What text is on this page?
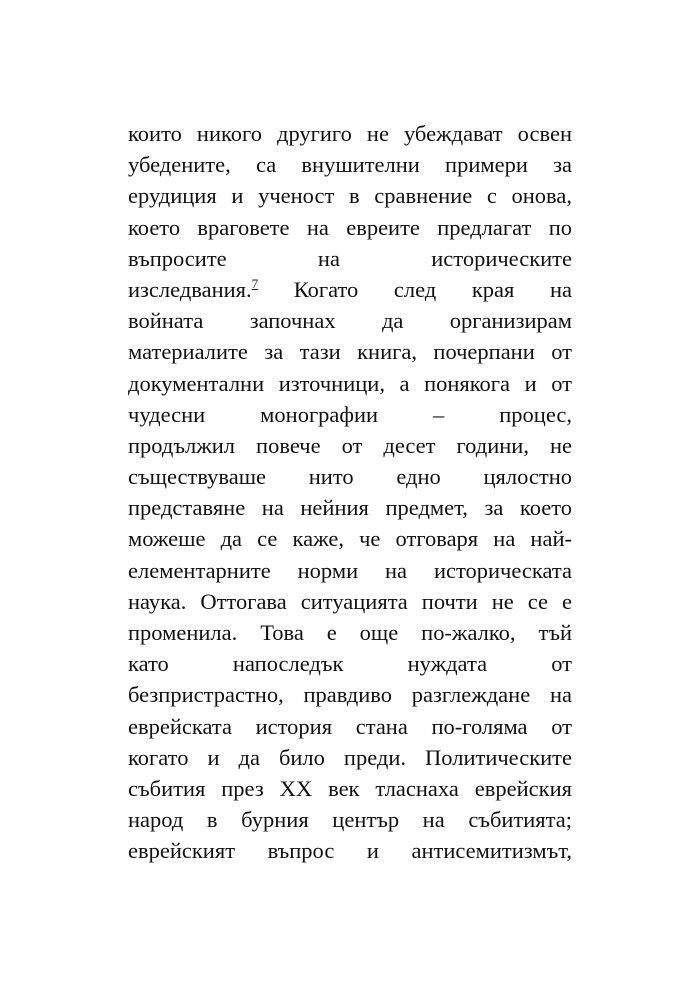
които никого другиго не убеждават освен
убедените, са внушителни примери за
ерудиция и ученост в сравнение с онова,
което враговете на евреите предлагат по
въпросите на историческите
изследвания.$^7$ Когато след края на
войната започнах да организирам
материалите за тази книга, почерпани от
документални източници, а понякога и от
чудесни монографии – процес,
продължил повече от десет години, не
съществуваше нито едно цялостно
представяне на нейния предмет, за което
можеше да се каже, че отговаря на най-
елементарните норми на историческата
наука. Оттогава ситуацията почти не се е
променила. Това е още по-жалко, тъй
като напоследък нуждата от
безпристрастно, правдиво разглеждане на
еврейската история стана по-голяма от
когато и да било преди. Политическите
събития през XX век тласнаха еврейския
народ в бурния център на събитията;
еврейският въпрос и антисемитизмът,
